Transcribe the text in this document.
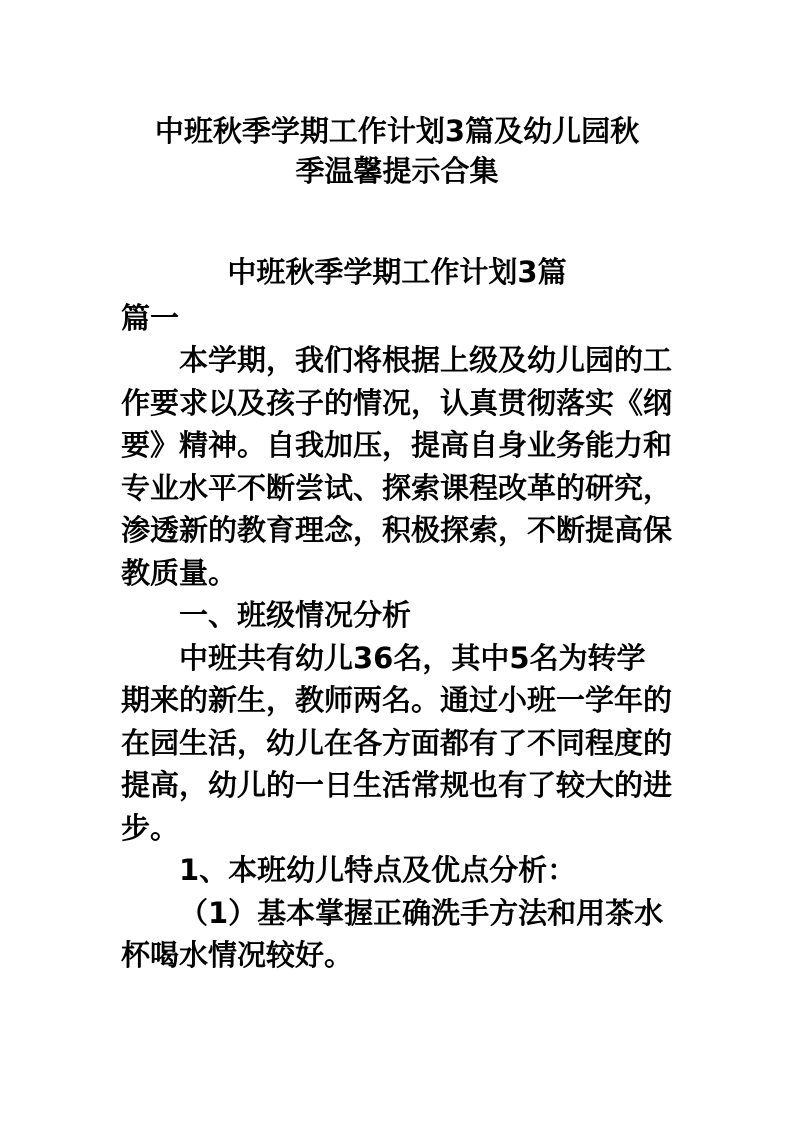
中班秋季学期工作计划3篇及幼儿园秋
季温馨提示合集
中班秋季学期工作计划3篇
篇一
本学期，我们将根据上级及幼儿园的工
作要求以及孩子的情况，认真贯彻落实《纲
要》精神。自我加压，提高自身业务能力和
专业水平不断尝试、探索课程改革的研究，
渗透新的教育理念，积极探索，不断提高保
教质量。
一、班级情况分析
中班共有幼儿36名，其中5名为转学
期来的新生，教师两名。通过小班一学年的
在园生活，幼儿在各方面都有了不同程度的
提高，幼儿的一日生活常规也有了较大的进
步。
1、本班幼儿特点及优点分析：
（1）基本掌握正确洗手方法和用茶水
杯喝水情况较好。
